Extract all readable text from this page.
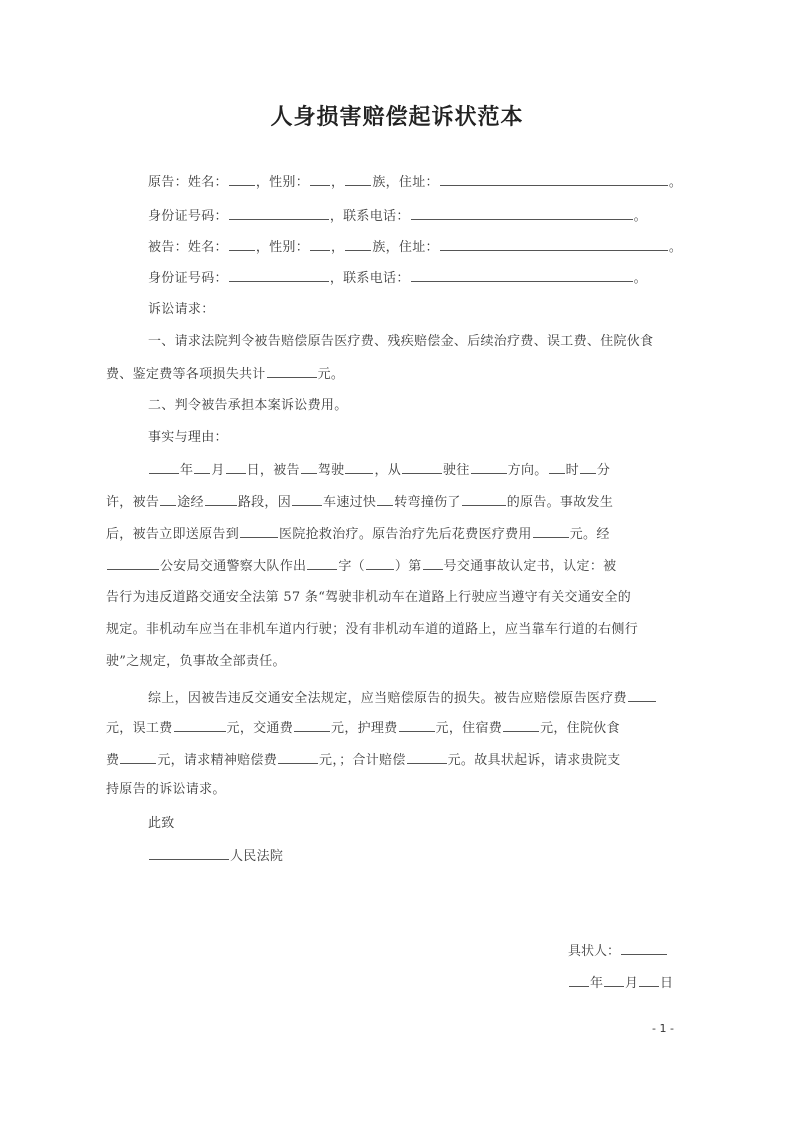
人身损害赔偿起诉状范本
原告：姓名： ，性别： ， 族，住址：	。
身份证号码：	，联系电话：	。
被告：姓名： ，性别： ， 族，住址：	。
身份证号码：	，联系电话：	。
诉讼请求：
一、请求法院判令被告赔偿原告医疗费、残疾赔偿金、后续治疗费、误工费、住院伙食
费、鉴定费等各项损失共计	元。
二、判令被告承担本案诉讼费用。
事实与理由：
年 月 日，被告 驾驶 ，从	驶往	方向。 时 分
许，被告 途经	路段，因 车速过快 转弯撞伤了	的原告。事故发生
后，被告立即送原告到	医院抢救治疗。原告治疗先后花费医疗费用	元。经
公安局交通警察大队作出 字（ ）第 号交通事故认定书，认定：被
告行为违反道路交通安全法第 57 条“驾驶非机动车在道路上行驶应当遵守有关交通安全的
规定。非机动车应当在非机车道内行驶；没有非机动车道的道路上，应当靠车行道的右侧行
驶”之规定，负事故全部责任。
综上，因被告违反交通安全法规定，应当赔偿原告的损失。被告应赔偿原告医疗费
元，误工费	元，交通费	元，护理费	元，住宿费	元，住院伙食
费	元，请求精神赔偿费	元，；合计赔偿	元。故具状起诉，请求贵院支
持原告的诉讼请求。
此致
人民法院
具状人：
年 月 日
- 1 -
